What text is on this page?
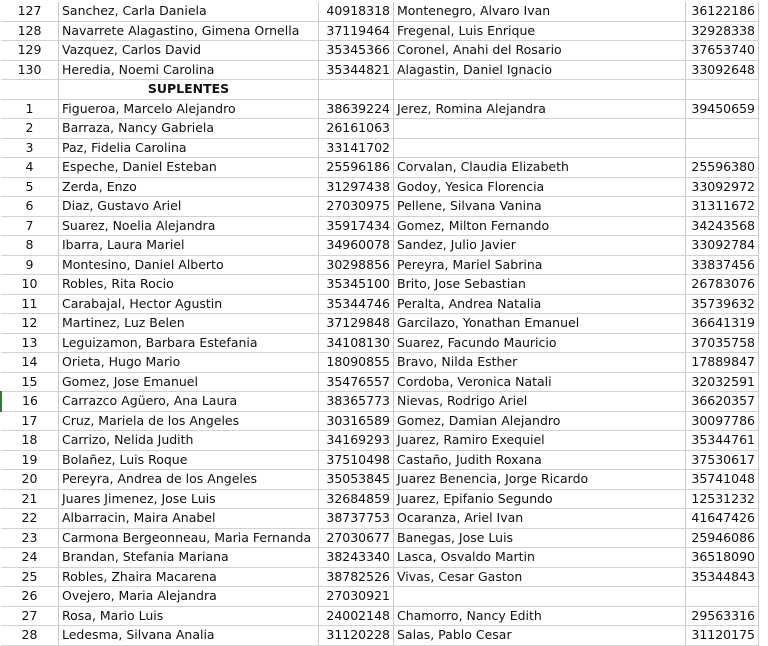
127	Sanchez, Carla Daniela	40918318	Montenegro, Alvaro Ivan	36122186
128	Navarrete Alagastino, Gimena Ornella	37119464	Fregenal, Luis Enrique	32928338
129	Vazquez, Carlos David	35345366	Coronel, Anahi del Rosario	37653740
130	Heredia, Noemi Carolina	35344821	Alagastin, Daniel Ignacio	33092648
	SUPLENTES			
1	Figueroa, Marcelo Alejandro	38639224	Jerez, Romina Alejandra	39450659
2	Barraza, Nancy Gabriela	26161063		
3	Paz, Fidelia Carolina	33141702		
4	Espeche, Daniel Esteban	25596186	Corvalan, Claudia Elizabeth	25596380
5	Zerda, Enzo	31297438	Godoy, Yesica Florencia	33092972
6	Diaz, Gustavo Ariel	27030975	Pellene, Silvana Vanina	31311672
7	Suarez, Noelia Alejandra	35917434	Gomez, Milton Fernando	34243568
8	Ibarra, Laura Mariel	34960078	Sandez, Julio Javier	33092784
9	Montesino, Daniel Alberto	30298856	Pereyra, Mariel Sabrina	33837456
10	Robles, Rita Rocio	35345100	Brito, Jose Sebastian	26783076
11	Carabajal, Hector Agustin	35344746	Peralta, Andrea Natalia	35739632
12	Martinez, Luz Belen	37129848	Garcilazo, Yonathan Emanuel	36641319
13	Leguizamon, Barbara Estefania	34108130	Suarez, Facundo Mauricio	37035758
14	Orieta, Hugo Mario	18090855	Bravo, Nilda Esther	17889847
15	Gomez, Jose Emanuel	35476557	Cordoba, Veronica Natali	32032591
16	Carrazco Agüero, Ana Laura	38365773	Nievas, Rodrigo Ariel	36620357
17	Cruz, Mariela de los Angeles	30316589	Gomez, Damian Alejandro	30097786
18	Carrizo, Nelida Judith	34169293	Juarez, Ramiro Exequiel	35344761
19	Bolañez, Luis Roque	37510498	Castaño, Judith Roxana	37530617
20	Pereyra, Andrea de los Angeles	35053845	Juarez Benencia, Jorge Ricardo	35741048
21	Juares Jimenez, Jose Luis	32684859	Juarez, Epifanio Segundo	12531232
22	Albarracin, Maira Anabel	38737753	Ocaranza, Ariel Ivan	41647426
23	Carmona Bergeonneau, Maria Fernanda	27030677	Banegas, Jose Luis	25946086
24	Brandan, Stefania Mariana	38243340	Lasca, Osvaldo Martin	36518090
25	Robles, Zhaira Macarena	38782526	Vivas, Cesar Gaston	35344843
26	Ovejero, Maria Alejandra	27030921		
27	Rosa, Mario Luis	24002148	Chamorro, Nancy Edith	29563316
28	Ledesma, Silvana Analia	31120228	Salas, Pablo Cesar	31120175
